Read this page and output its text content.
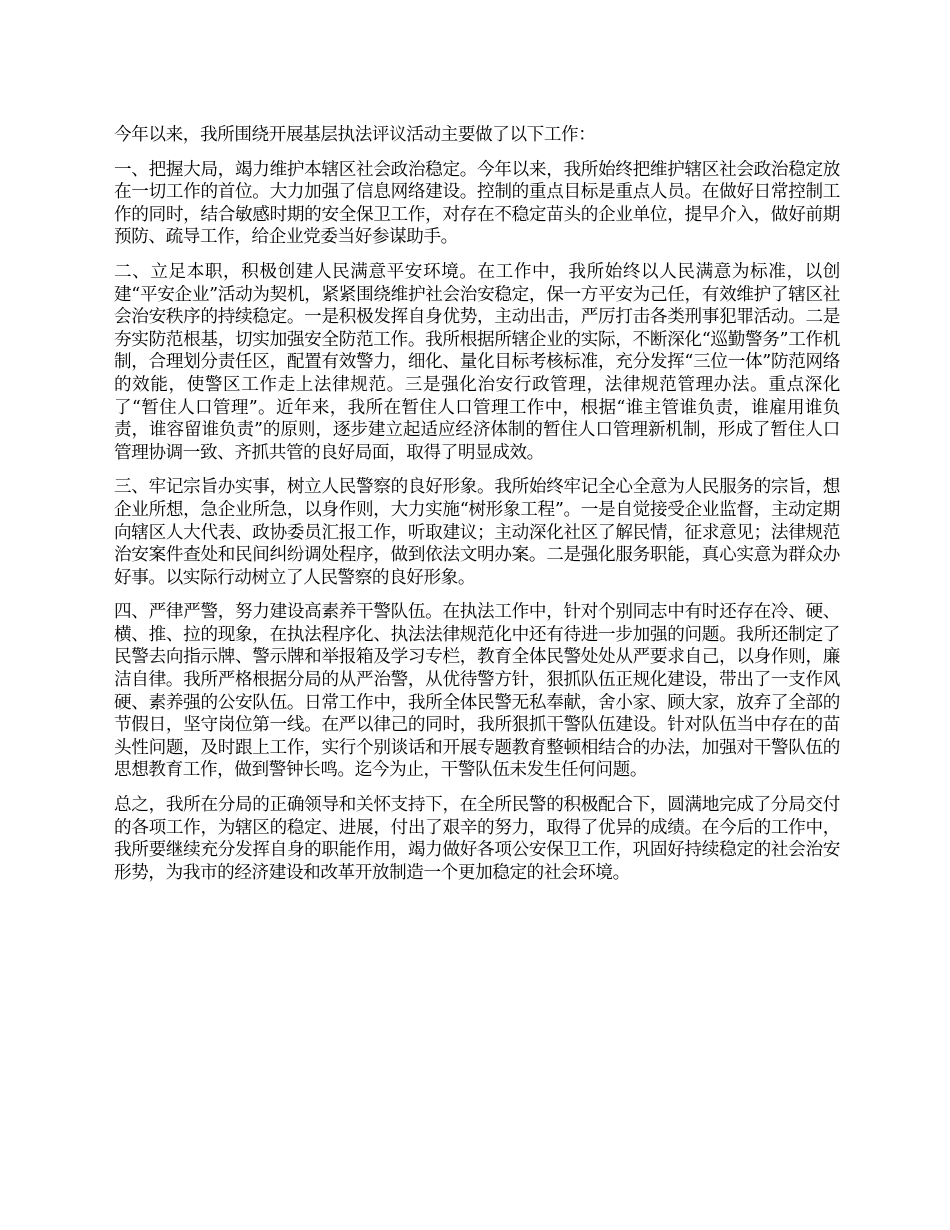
今年以来，我所围绕开展基层执法评议活动主要做了以下工作：

一、把握大局，竭力维护本辖区社会政治稳定。今年以来，我所始终把维护辖区社会政治稳定放在一切工作的首位。大力加强了信息网络建设。控制的重点目标是重点人员。在做好日常控制工作的同时，结合敏感时期的安全保卫工作，对存在不稳定苗头的企业单位，提早介入，做好前期预防、疏导工作，给企业党委当好参谋助手。

二、立足本职，积极创建人民满意平安环境。在工作中，我所始终以人民满意为标准，以创建“平安企业”活动为契机，紧紧围绕维护社会治安稳定，保一方平安为己任，有效维护了辖区社会治安秩序的持续稳定。一是积极发挥自身优势，主动出击，严厉打击各类刑事犯罪活动。二是夯实防范根基，切实加强安全防范工作。我所根据所辖企业的实际，不断深化“巡勤警务”工作机制，合理划分责任区，配置有效警力，细化、量化目标考核标准，充分发挥“三位一体”防范网络的效能，使警区工作走上法律规范。三是强化治安行政管理，法律规范管理办法。重点深化了“暂住人口管理”。近年来，我所在暂住人口管理工作中，根据“谁主管谁负责，谁雇用谁负责，谁容留谁负责”的原则，逐步建立起适应经济体制的暂住人口管理新机制，形成了暂住人口管理协调一致、齐抓共管的良好局面，取得了明显成效。

三、牢记宗旨办实事，树立人民警察的良好形象。我所始终牢记全心全意为人民服务的宗旨，想企业所想，急企业所急，以身作则，大力实施“树形象工程”。一是自觉接受企业监督，主动定期向辖区人大代表、政协委员汇报工作，听取建议；主动深化社区了解民情，征求意见；法律规范治安案件查处和民间纠纷调处程序，做到依法文明办案。二是强化服务职能，真心实意为群众办好事。以实际行动树立了人民警察的良好形象。

四、严律严警，努力建设高素养干警队伍。在执法工作中，针对个别同志中有时还存在冷、硬、横、推、拉的现象，在执法程序化、执法法律规范化中还有待进一步加强的问题。我所还制定了民警去向指示牌、警示牌和举报箱及学习专栏，教育全体民警处处从严要求自己，以身作则，廉洁自律。我所严格根据分局的从严治警，从优待警方针，狠抓队伍正规化建设，带出了一支作风硬、素养强的公安队伍。日常工作中，我所全体民警无私奉献，舍小家、顾大家，放弃了全部的节假日，坚守岗位第一线。在严以律己的同时，我所狠抓干警队伍建设。针对队伍当中存在的苗头性问题，及时跟上工作，实行个别谈话和开展专题教育整顿相结合的办法，加强对干警队伍的思想教育工作，做到警钟长鸣。迄今为止，干警队伍未发生任何问题。

总之，我所在分局的正确领导和关怀支持下，在全所民警的积极配合下，圆满地完成了分局交付的各项工作，为辖区的稳定、进展，付出了艰辛的努力，取得了优异的成绩。在今后的工作中，我所要继续充分发挥自身的职能作用，竭力做好各项公安保卫工作，巩固好持续稳定的社会治安形势，为我市的经济建设和改革开放制造一个更加稳定的社会环境。
